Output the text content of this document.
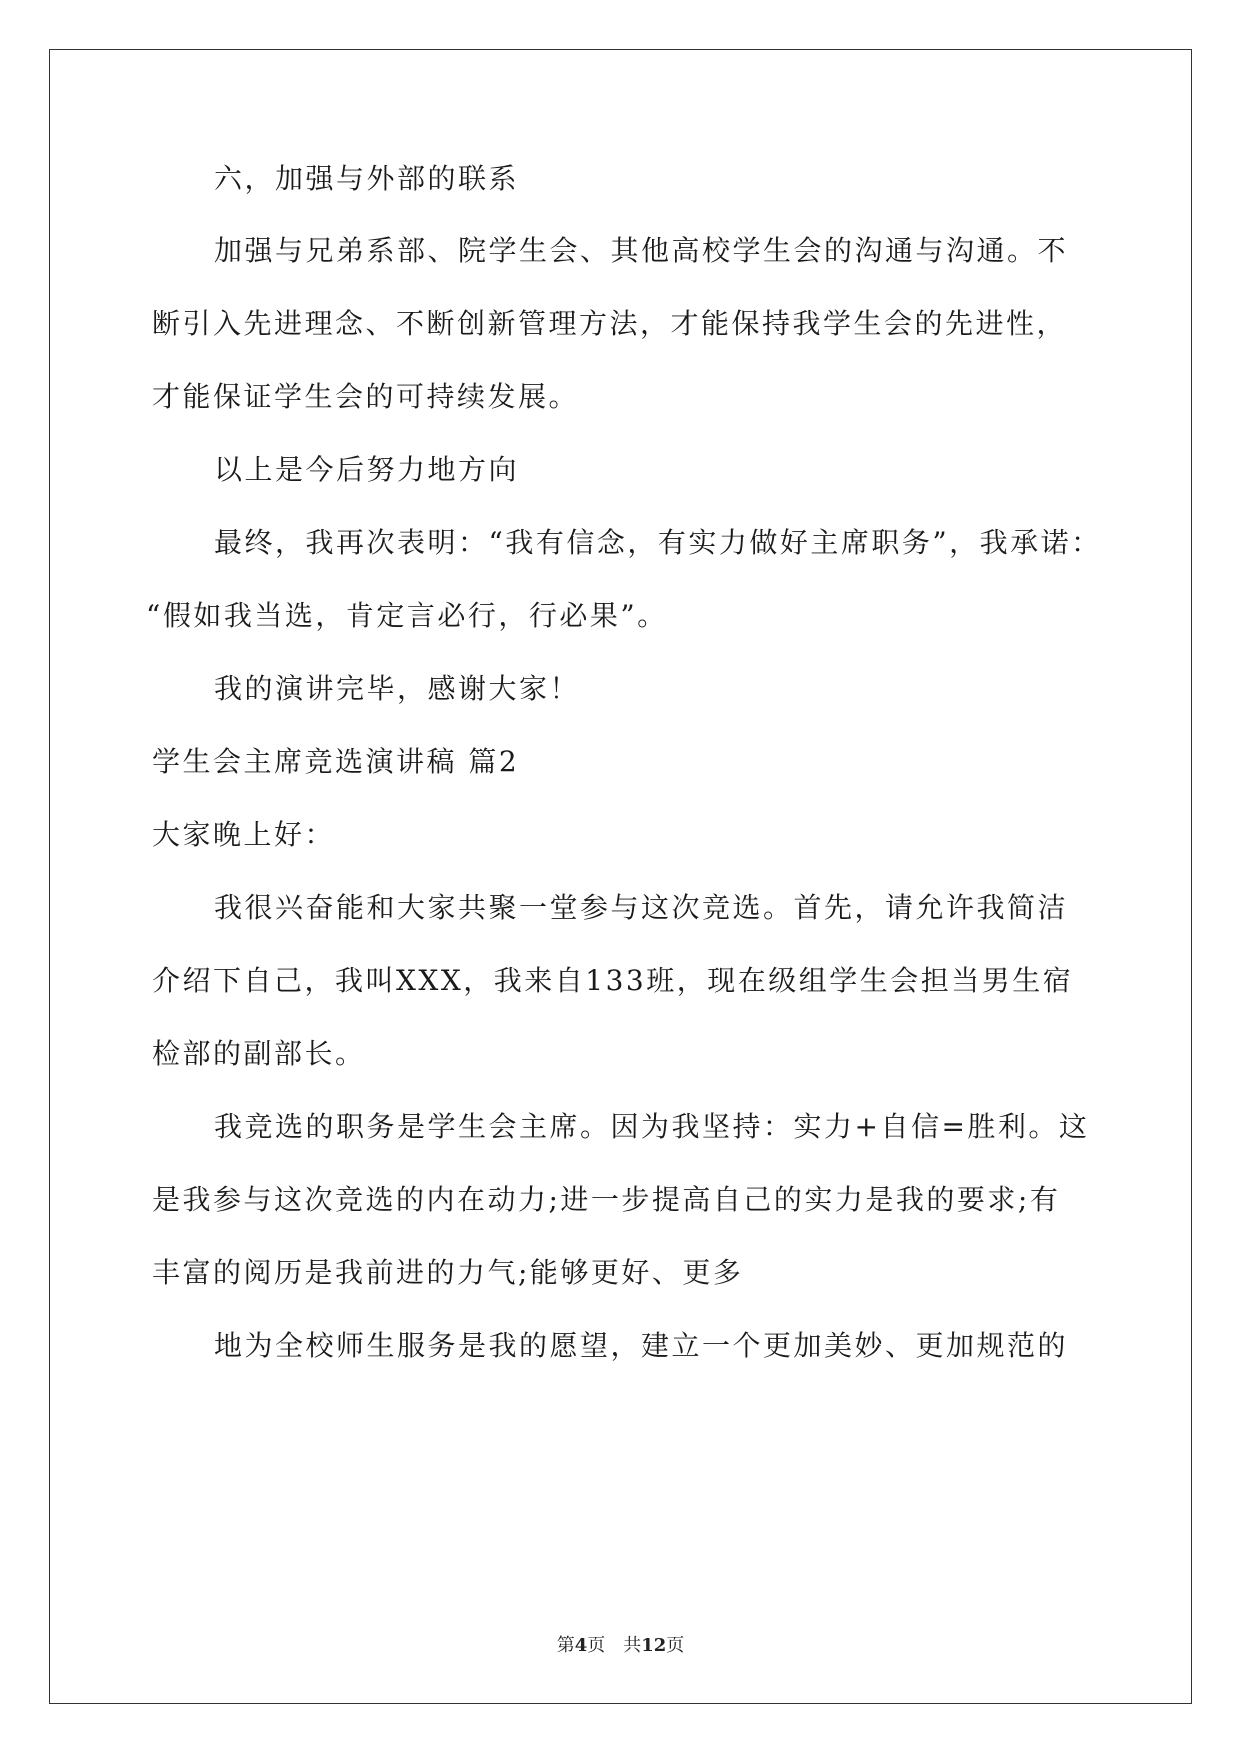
六，加强与外部的联系

加强与兄弟系部、院学生会、其他高校学生会的沟通与沟通。不

断引入先进理念、不断创新管理方法，才能保持我学生会的先进性，

才能保证学生会的可持续发展。

以上是今后努力地方向

最终，我再次表明：“我有信念，有实力做好主席职务”，我承诺：

“假如我当选，肯定言必行，行必果”。

我的演讲完毕，感谢大家！

学生会主席竞选演讲稿 篇2

大家晚上好：

我很兴奋能和大家共聚一堂参与这次竞选。首先，请允许我简洁

介绍下自己，我叫XXX，我来自133班，现在级组学生会担当男生宿

检部的副部长。

我竞选的职务是学生会主席。因为我坚持：实力+自信=胜利。这

是我参与这次竞选的内在动力;进一步提高自己的实力是我的要求;有

丰富的阅历是我前进的力气;能够更好、更多

地为全校师生服务是我的愿望，建立一个更加美妙、更加规范的

第4页　共12页
